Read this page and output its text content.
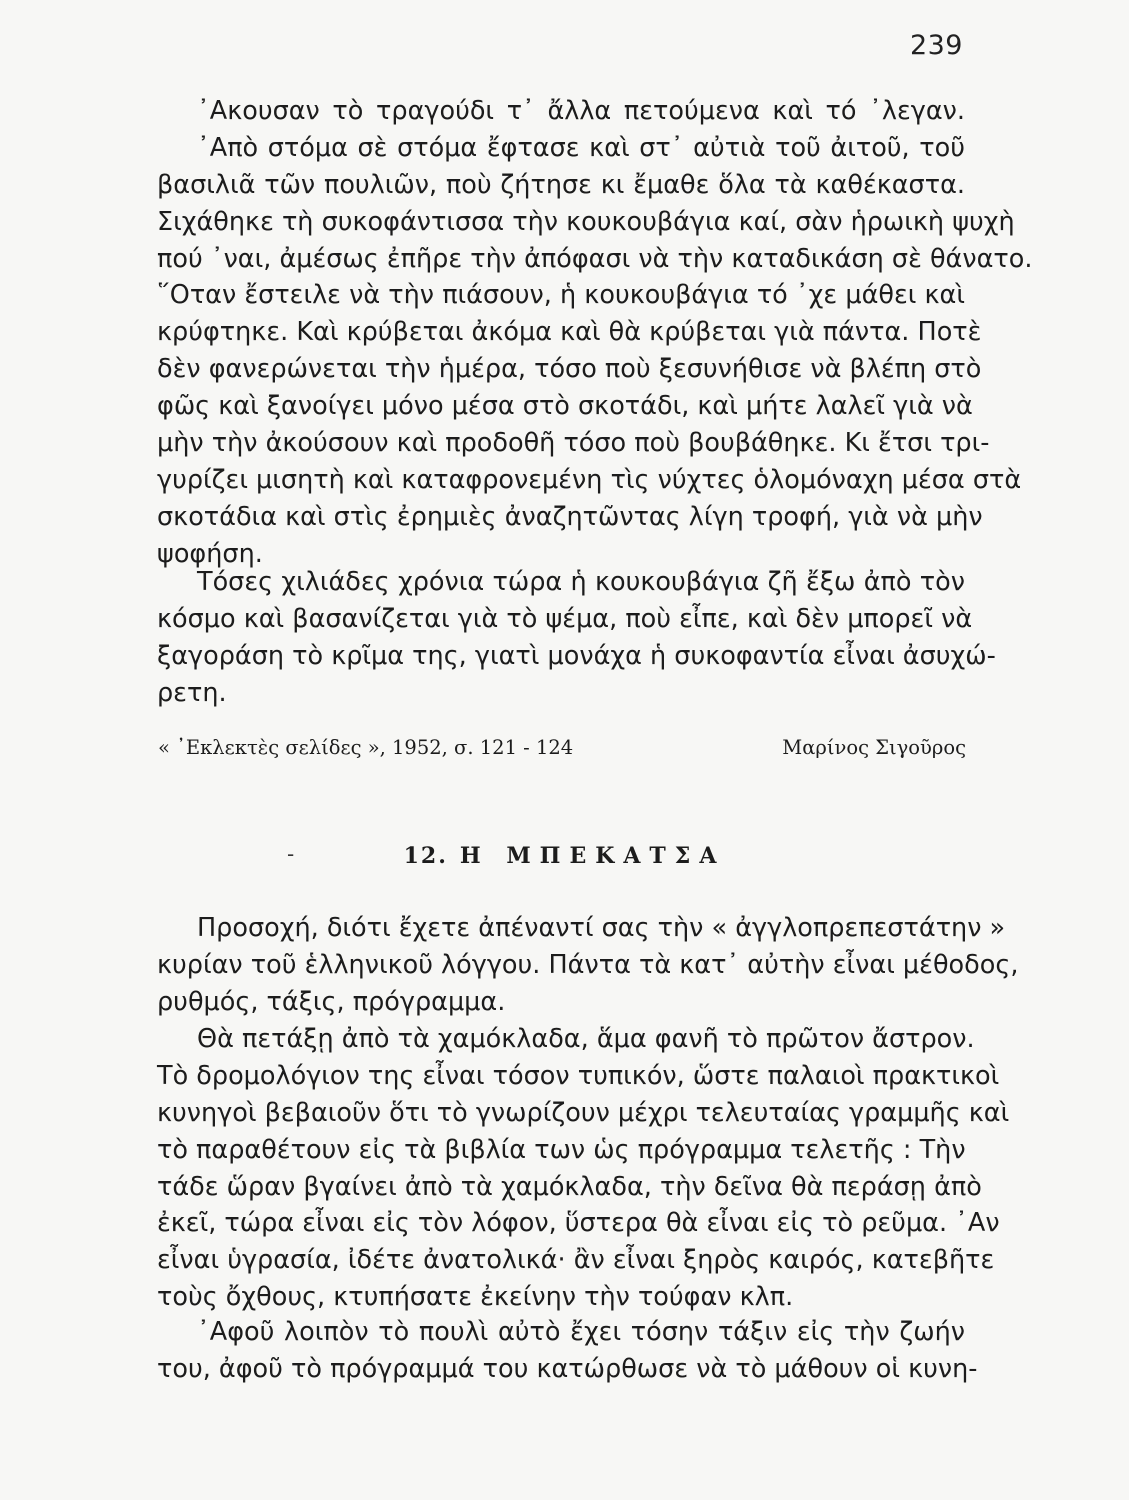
239
᾿Ακουσαν τὸ τραγούδι τ᾿ ἄλλα πετούμενα καὶ τό ᾿λεγαν.
᾿Απὸ στόμα σὲ στόμα ἔφτασε καὶ στ᾿ αὐτιὰ τοῦ ἀιτοῦ, τοῦ
βασιλιᾶ τῶν πουλιῶν, ποὺ ζήτησε κι ἔμαθε ὅλα τὰ καθέκαστα.
Σιχάθηκε τὴ συκοφάντισσα τὴν κουκουβάγια καί, σὰν ἡρωικὴ ψυχὴ
πού ᾿ναι, ἀμέσως ἐπῆρε τὴν ἀπόφασι νὰ τὴν καταδικάση σὲ θάνατο.
῞Οταν ἔστειλε νὰ τὴν πιάσουν, ἡ κουκουβάγια τό ᾿χε μάθει καὶ
κρύφτηκε. Καὶ κρύβεται ἀκόμα καὶ θὰ κρύβεται γιὰ πάντα. Ποτὲ
δὲν φανερώνεται τὴν ἡμέρα, τόσο ποὺ ξεσυνήθισε νὰ βλέπη στὸ
φῶς καὶ ξανοίγει μόνο μέσα στὸ σκοτάδι, καὶ μήτε λαλεῖ γιὰ νὰ
μὴν τὴν ἀκούσουν καὶ προδοθῆ τόσο ποὺ βουβάθηκε. Κι ἔτσι τρι-
γυρίζει μισητὴ καὶ καταφρονεμένη τὶς νύχτες ὁλομόναχη μέσα στὰ
σκοτάδια καὶ στὶς ἐρημιὲς ἀναζητῶντας λίγη τροφή, γιὰ νὰ μὴν
ψοφήση.
Τόσες χιλιάδες χρόνια τώρα ἡ κουκουβάγια ζῆ ἔξω ἀπὸ τὸν
κόσμο καὶ βασανίζεται γιὰ τὸ ψέμα, ποὺ εἶπε, καὶ δὲν μπορεῖ νὰ
ξαγοράση τὸ κρῖμα της, γιατὶ μονάχα ἡ συκοφαντία εἶναι ἀσυχώ-
ρετη.
« ᾿Εκλεκτὲς σελίδες », 1952, σ. 121 - 124	Μαρίνος Σιγοῦρος
-	12. Η ΜΠΕΚΑΤΣΑ
Προσοχή, διότι ἔχετε ἀπέναντί σας τὴν « ἀγγλοπρεπεστάτην »
κυρίαν τοῦ ἑλληνικοῦ λόγγου. Πάντα τὰ κατ᾿ αὐτὴν εἶναι μέθοδος,
ρυθμός, τάξις, πρόγραμμα.
Θὰ πετάξῃ ἀπὸ τὰ χαμόκλαδα, ἅμα φανῆ τὸ πρῶτον ἄστρον.
Τὸ δρομολόγιον της εἶναι τόσον τυπικόν, ὥστε παλαιοὶ πρακτικοὶ
κυνηγοὶ βεβαιοῦν ὅτι τὸ γνωρίζουν μέχρι τελευταίας γραμμῆς καὶ
τὸ παραθέτουν εἰς τὰ βιβλία των ὡς πρόγραμμα τελετῆς : Τὴν
τάδε ὥραν βγαίνει ἀπὸ τὰ χαμόκλαδα, τὴν δεῖνα θὰ περάσῃ ἀπὸ
ἐκεῖ, τώρα εἶναι εἰς τὸν λόφον, ὕστερα θὰ εἶναι εἰς τὸ ρεῦμα. ᾿Αν
εἶναι ὑγρασία, ἰδέτε ἀνατολικά· ἂν εἶναι ξηρὸς καιρός, κατεβῆτε
τοὺς ὄχθους, κτυπήσατε ἐκείνην τὴν τούφαν κλπ.
᾿Αφοῦ λοιπὸν τὸ πουλὶ αὐτὸ ἔχει τόσην τάξιν εἰς τὴν ζωήν
του, ἀφοῦ τὸ πρόγραμμά του κατώρθωσε νὰ τὸ μάθουν οἱ κυνη-
